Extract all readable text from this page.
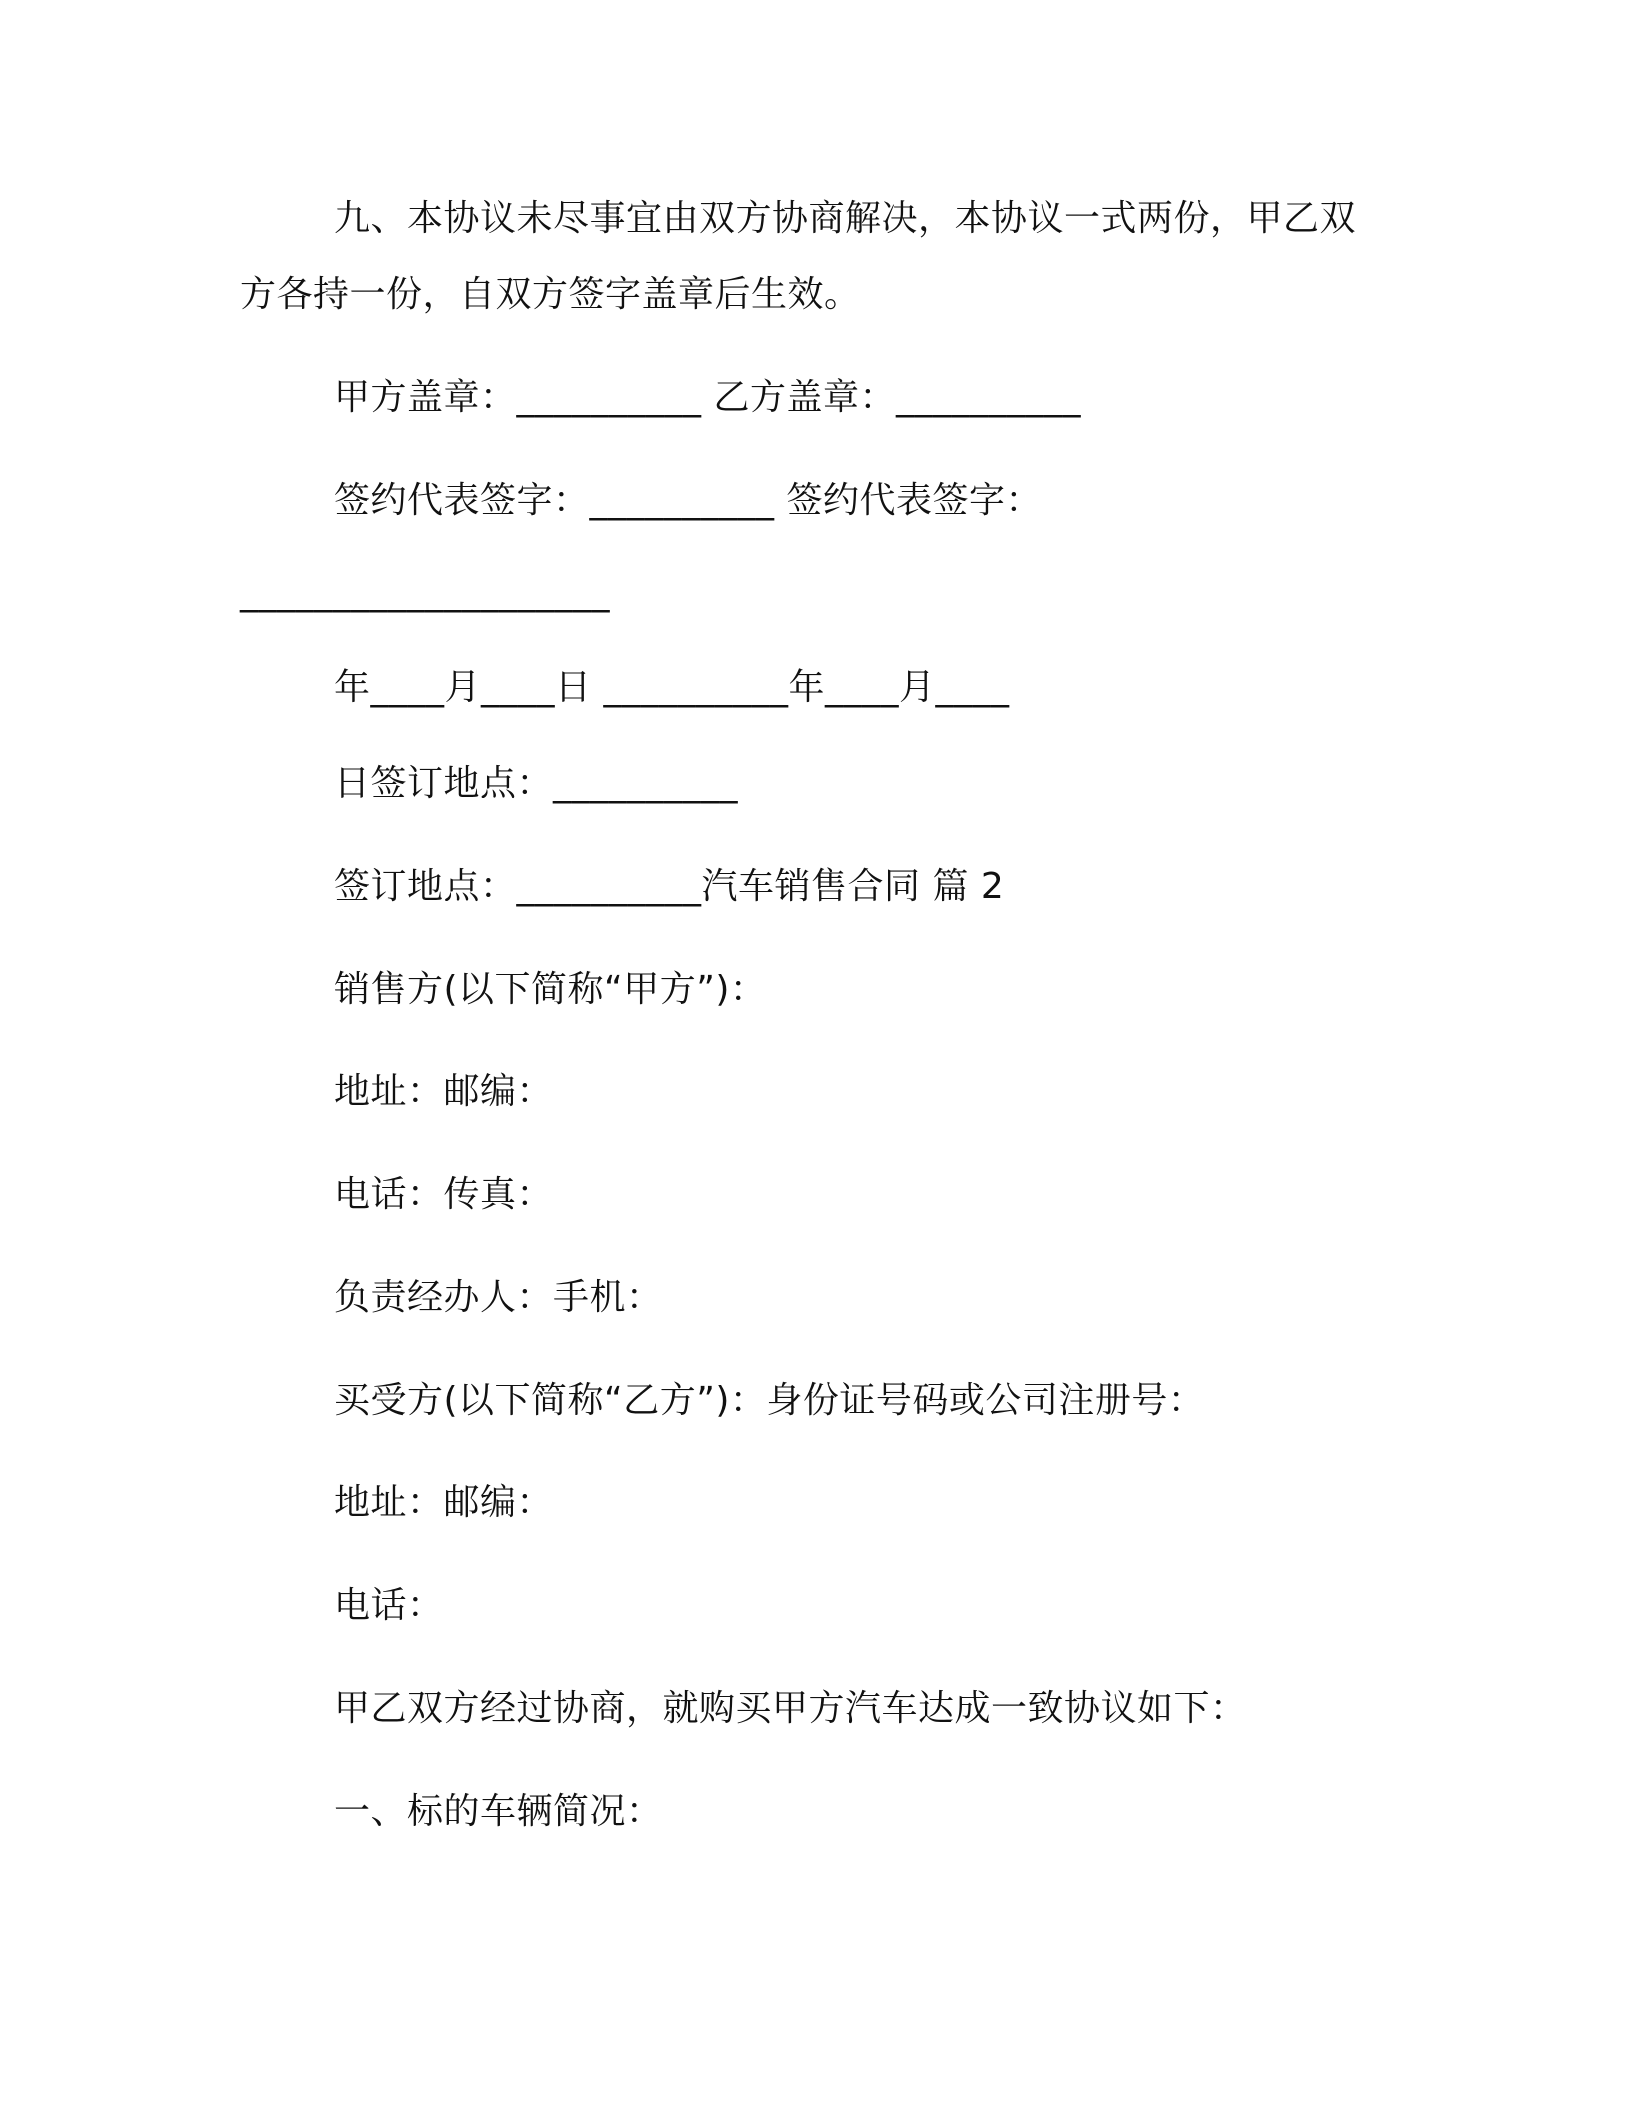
九、本协议未尽事宜由双方协商解决，本协议一式两份，甲乙双
方各持一份，自双方签字盖章后生效。
甲方盖章：__________ 乙方盖章：__________
签约代表签字：__________ 签约代表签字：
____________________
年____月____日 __________年____月____
日签订地点：__________
签订地点：__________汽车销售合同 篇 2
销售方(以下简称“甲方”)：
地址：邮编：
电话：传真：
负责经办人：手机：
买受方(以下简称“乙方”)：身份证号码或公司注册号：
地址：邮编：
电话：
甲乙双方经过协商，就购买甲方汽车达成一致协议如下：
一、标的车辆简况：
